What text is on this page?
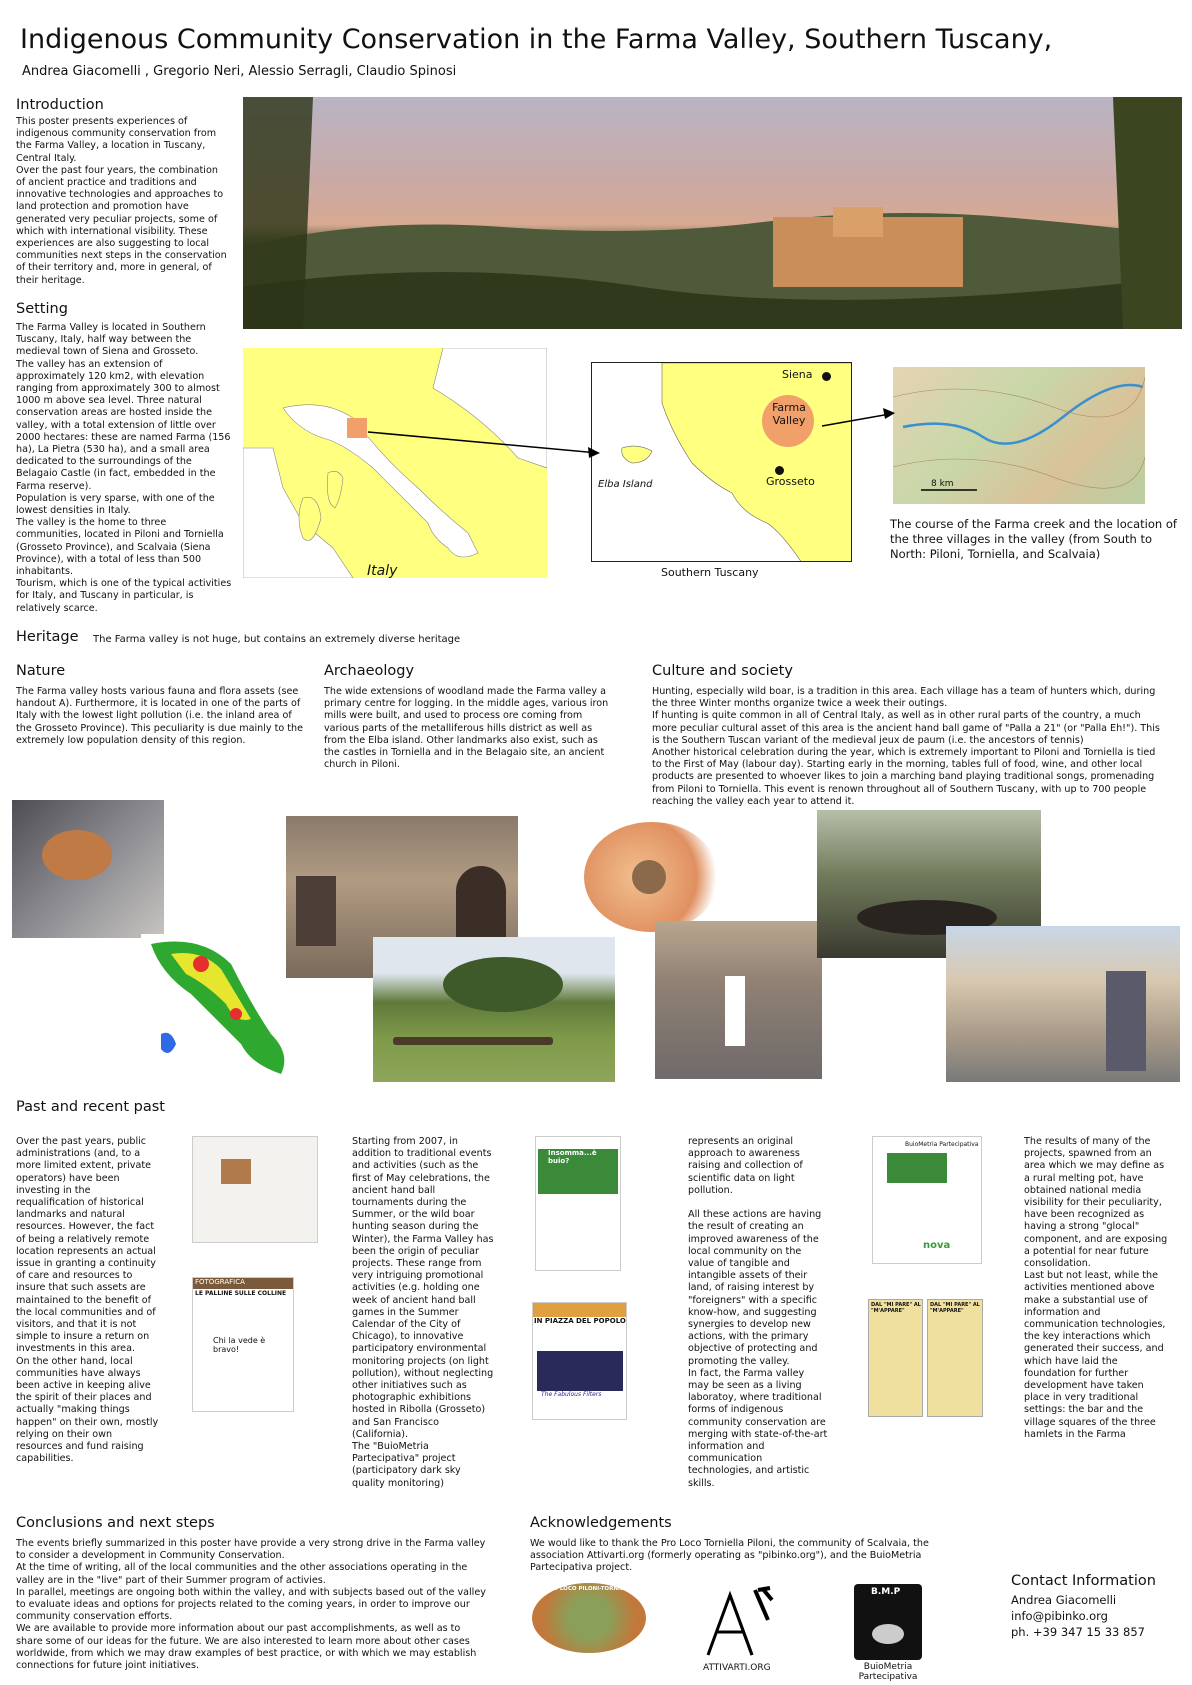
Indigenous Community Conservation in the Farma Valley, Southern Tuscany,
Andrea Giacomelli , Gregorio Neri, Alessio Serragli, Claudio Spinosi
Introduction
This poster presents experiences of indigenous community conservation from the Farma Valley, a location in Tuscany, Central Italy.
Over the past four years, the combination of ancient practice and traditions and innovative technologies and approaches to land protection and promotion have generated very peculiar projects, some of which with international visibility. These experiences are also suggesting to local communities next steps in the conservation of their territory and, more in general, of their heritage.
Setting
The Farma Valley is located in Southern Tuscany, Italy, half way between the medieval town of Siena and Grosseto.
The valley has an extension of approximately 120 km2, with elevation ranging from approximately 300 to almost 1000 m above sea level. Three natural conservation areas are hosted inside the valley, with a total extension of little over 2000 hectares: these are named Farma (156 ha), La Pietra (530 ha), and a small area dedicated to the surroundings of the Belagaio Castle (in fact, embedded in the Farma reserve).
Population is very sparse, with one of the lowest densities in Italy.
The valley is the home to three communities, located in Piloni and Torniella (Grosseto Province), and Scalvaia (Siena Province), with a total of less than 500 inhabitants.
Tourism, which is one of the typical activities for Italy, and Tuscany in particular, is relatively scarce.
Italy
Farma
Valley
Siena
Grosseto
Elba Island
Southern Tuscany
8 km
The course of the Farma creek and the location of the three villages in the valley (from South to North: Piloni, Torniella, and Scalvaia)
Heritage The Farma valley is not huge, but contains an extremely diverse heritage
Nature
The Farma valley hosts various fauna and flora assets (see handout A). Furthermore, it is located in one of the parts of Italy with the lowest light pollution (i.e. the inland area of the Grosseto Province). This peculiarity is due mainly to the extremely low population density of this region.
Archaeology
The wide extensions of woodland made the Farma valley a primary centre for logging. In the middle ages, various iron mills were built, and used to process ore coming from various parts of the metalliferous hills district as well as from the Elba island. Other landmarks also exist, such as the castles in Torniella and in the Belagaio site, an ancient church in Piloni.
Culture and society
Hunting, especially wild boar, is a tradition in this area. Each village has a team of hunters which, during the three Winter months organize twice a week their outings.
If hunting is quite common in all of Central Italy, as well as in other rural parts of the country, a much more peculiar cultural asset of this area is the ancient hand ball game of "Palla a 21" (or "Palla Eh!"). This is the Southern Tuscan variant of the medieval jeux de paum (i.e. the ancestors of tennis)
Another historical celebration during the year, which is extremely important to Piloni and Torniella is tied to the First of May (labour day). Starting early in the morning, tables full of food, wine, and other local products are presented to whoever likes to join a marching band playing traditional songs, promenading from Piloni to Torniella. This event is renown throughout all of Southern Tuscany, with up to 700 people reaching the valley each year to attend it.
Past and recent past
Over the past years, public administrations (and, to a more limited extent, private operators) have been investing in the requalification of historical landmarks and natural resources. However, the fact of being a relatively remote location represents an actual issue in granting a continuity of care and resources to insure that such assets are maintained to the benefit of the local communities and of visitors, and that it is not simple to insure a return on investments in this area.
On the other hand, local communities have always been active in keeping alive the spirit of their places and actually "making things happen" on their own, mostly relying on their own resources and fund raising capabilities.
Starting from 2007, in addition to traditional events and activities (such as the first of May celebrations, the ancient hand ball tournaments during the Summer, or the wild boar hunting season during the Winter), the Farma Valley has been the origin of peculiar projects. These range from very intriguing promotional activities (e.g. holding one week of ancient hand ball games in the Summer Calendar of the City of Chicago), to innovative participatory environmental monitoring projects (on light pollution), without neglecting other initiatives such as photographic exhibitions hosted in Ribolla (Grosseto) and San Francisco (California).
The "BuioMetria Partecipativa" project (participatory dark sky quality monitoring)
represents an original approach to awareness raising and collection of scientific data on light pollution.

All these actions are having the result of creating an improved awareness of the local community on the value of tangible and intangible assets of their land, of raising interest by "foreigners" with a specific know-how, and suggesting synergies to develop new actions, with the primary objective of protecting and promoting the valley.
In fact, the Farma valley may be seen as a living laboratoy, where traditional forms of indigenous community conservation are merging with state-of-the-art information and communication technologies, and artistic skills.
The results of many of the projects, spawned from an area which we may define as a rural melting pot, have obtained national media visibility for their peculiarity, have been recognized as having a strong "glocal" component, and are exposing a potential for near future consolidation.
Last but not least, while the activities mentioned above make a substantial use of information and communication technologies, the key interactions which generated their success, and which have laid the foundation for further development have taken place in very traditional settings: the bar and the village squares of the three hamlets in the Farma
FOTOGRAFICA
LE PALLINE SULLE COLLINE
Chi la vede è bravo!
Insomma...è buio?
IN PIAZZA DEL POPOLO
The Fabulous Filters
BuioMetria Partecipativa
nova
DAL "MI PARE" AL "M'APPARE"
DAL "MI PARE" AL "M'APPARE"
Conclusions and next steps
The events briefly summarized in this poster have provide a very strong drive in the Farma valley to consider a development in Community Conservation.
At the time of writing, all of the local communities and the other associations operating in the valley are in the "live" part of their Summer program of activies.
In parallel, meetings are ongoing both within the valley, and with subjects based out of the valley to evaluate ideas and options for projects related to the coming years, in order to improve our community conservation efforts.
We are available to provide more information about our past accomplishments, as well as to share some of our ideas for the future. We are also interested to learn more about other cases worldwide, from which we may draw examples of best practice, or with which we may establish connections for future joint initiatives.
Acknowledgements
We would like to thank the Pro Loco Torniella Piloni, the community of Scalvaia, the association Attivarti.org (formerly operating as "pibinko.org"), and the BuioMetria Partecipativa project.
PRO LOCO PILONI-TORNIELLA
ATTIVARTI.ORG
B.M.P
BuioMetria
Partecipativa
Contact Information
Andrea Giacomelli
info@pibinko.org
ph. +39 347 15 33 857
